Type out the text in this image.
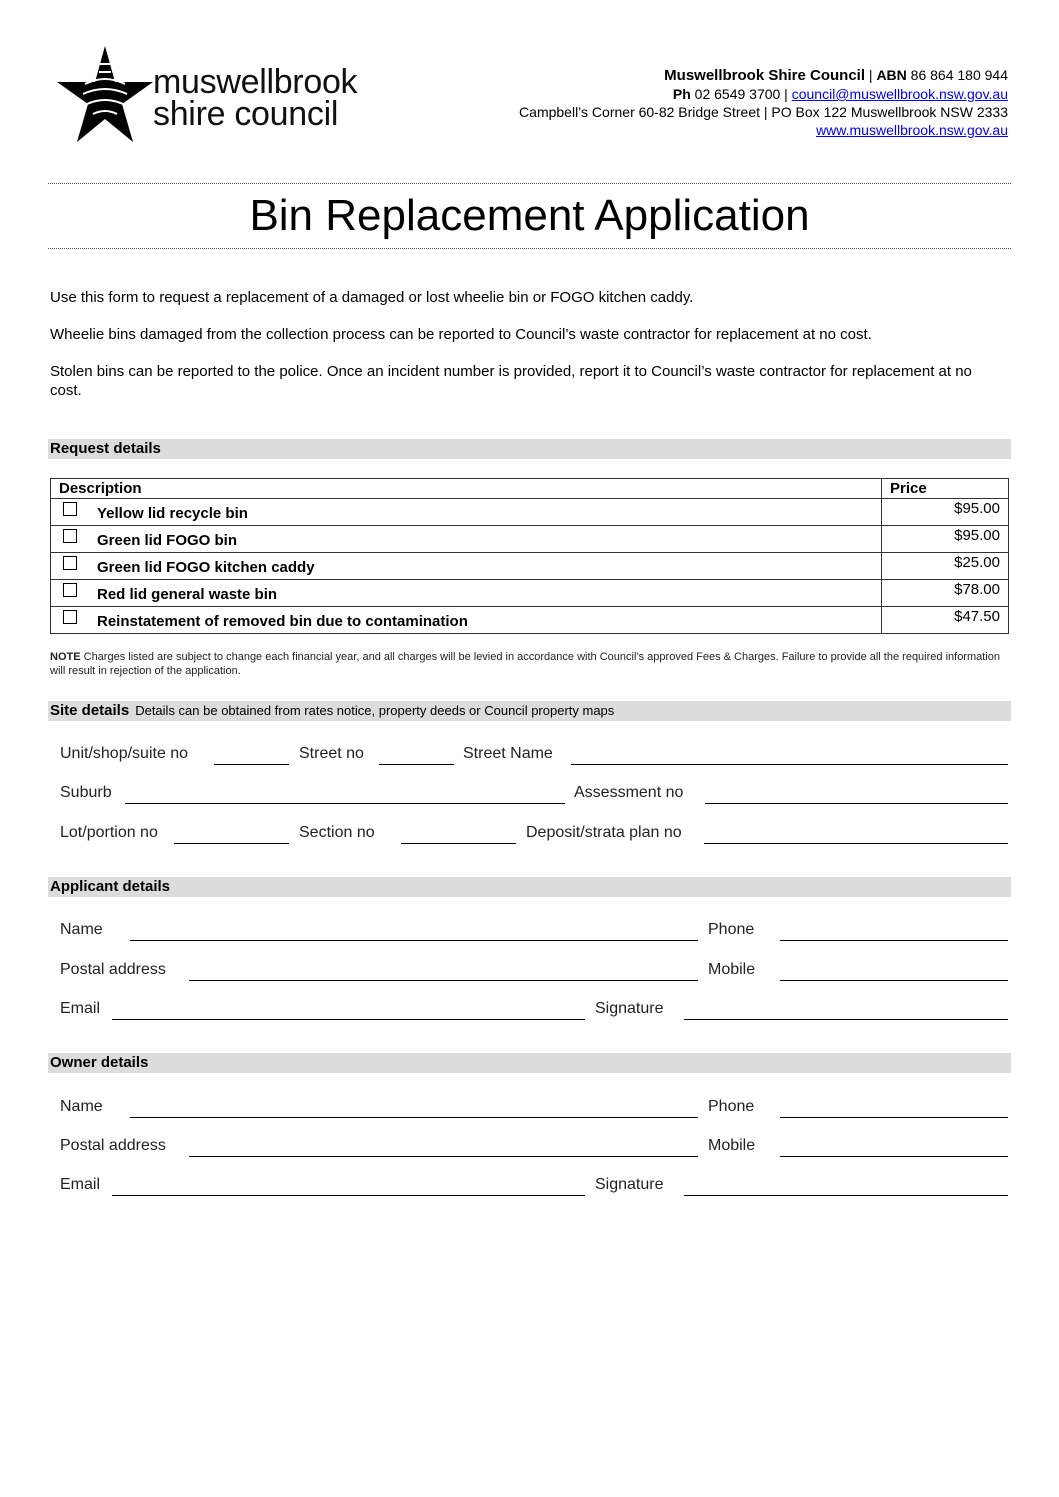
muswellbrook
shire council
Muswellbrook Shire Council | ABN 86 864 180 944
Ph 02 6549 3700 | council@muswellbrook.nsw.gov.au
Campbell’s Corner 60-82 Bridge Street | PO Box 122 Muswellbrook NSW 2333
www.muswellbrook.nsw.gov.au
Bin Replacement Application
Use this form to request a replacement of a damaged or lost wheelie bin or FOGO kitchen caddy.
Wheelie bins damaged from the collection process can be reported to Council’s waste contractor for replacement at no cost.
Stolen bins can be reported to the police. Once an incident number is provided, report it to Council’s waste contractor for replacement at no cost.
Request details
Description	Price
Yellow lid recycle bin	$95.00
Green lid FOGO bin	$95.00
Green lid FOGO kitchen caddy	$25.00
Red lid general waste bin	$78.00
Reinstatement of removed bin due to contamination	$47.50
NOTE Charges listed are subject to change each financial year, and all charges will be levied in accordance with Council’s approved Fees & Charges. Failure to provide all the required information will result in rejection of the application.
Site details Details can be obtained from rates notice, property deeds or Council property maps
Unit/shop/suite no	Street no	Street Name
Suburb	Assessment no
Lot/portion no	Section no	Deposit/strata plan no
Applicant details
Name	Phone
Postal address	Mobile
Email	Signature
Owner details
Name	Phone
Postal address	Mobile
Email	Signature
